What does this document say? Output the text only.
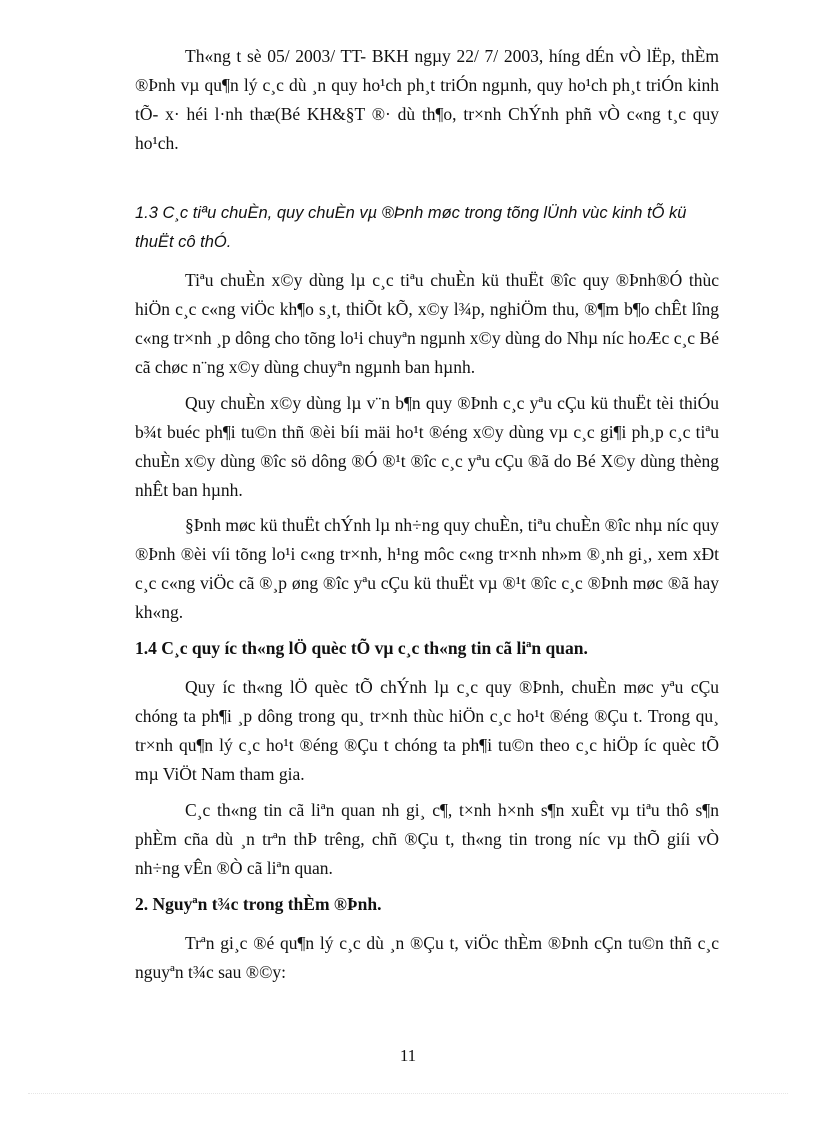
Th«ng t sè 05/ 2003/ TT- BKH ngµy 22/ 7/ 2003, híng dÉn vÒ lËp, thÈm ®Þnh vµ qu¶n lý c¸c dù ¸n quy ho¹ch ph¸t triÓn ngµnh, quy ho¹ch ph¸t triÓn kinh tÕ- x· héi l·nh thæ(Bé KH&§T ®· dù th¶o, tr×nh ChÝnh phñ vÒ c«ng t¸c quy ho¹ch.

1.3 C¸c tiªu chuÈn, quy chuÈn vµ ®Þnh møc trong tõng lÜnh vùc kinh tÕ kü thuËt cô thÓ.

Tiªu chuÈn x©y dùng lµ c¸c tiªu chuÈn kü thuËt ®îc quy ®Þnh®Ó thùc hiÖn c¸c c«ng viÖc kh¶o s¸t, thiÕt kÕ, x©y l¾p, nghiÖm thu, ®¶m b¶o chÊt lîng c«ng tr×nh ¸p dông cho tõng lo¹i chuyªn ngµnh x©y dùng do Nhµ níc hoÆc c¸c Bé cã chøc n¨ng x©y dùng chuyªn ngµnh ban hµnh.

Quy chuÈn x©y dùng lµ v¨n b¶n quy ®Þnh c¸c yªu cÇu kü thuËt tèi thiÓu b¾t buéc ph¶i tu©n thñ ®èi bíi mäi ho¹t ®éng x©y dùng vµ c¸c gi¶i ph¸p c¸c tiªu chuÈn x©y dùng ®îc sö dông ®Ó ®¹t ®îc c¸c yªu cÇu ®ã do Bé X©y dùng thèng nhÊt ban hµnh.

§Þnh møc kü thuËt chÝnh lµ nh÷ng quy chuÈn, tiªu chuÈn ®îc nhµ níc quy ®Þnh ®èi víi tõng lo¹i c«ng tr×nh, h¹ng môc c«ng tr×nh nh»m ®¸nh gi¸, xem xÐt c¸c c«ng viÖc cã ®¸p øng ®îc yªu cÇu kü thuËt vµ ®¹t ®îc c¸c ®Þnh møc ®ã hay kh«ng.

1.4 C¸c quy íc th«ng lÖ quèc tÕ vµ c¸c th«ng tin cã liªn quan.

Quy íc th«ng lÖ quèc tÕ chÝnh lµ c¸c quy ®Þnh, chuÈn møc yªu cÇu chóng ta ph¶i ¸p dông trong qu¸ tr×nh thùc hiÖn c¸c ho¹t ®éng ®Çu t. Trong qu¸ tr×nh qu¶n lý c¸c ho¹t ®éng ®Çu t chóng ta ph¶i tu©n theo c¸c hiÖp íc quèc tÕ mµ ViÖt Nam tham gia.

C¸c th«ng tin cã liªn quan nh gi¸ c¶, t×nh h×nh s¶n xuÊt vµ tiªu thô s¶n phÈm cña dù ¸n trªn thÞ trêng, chñ ®Çu t, th«ng tin trong níc vµ thÕ giíi vÒ nh÷ng vÊn ®Ò cã liªn quan.

2. Nguyªn t¾c trong thÈm ®Þnh.

Trªn gi¸c ®é qu¶n lý c¸c dù ¸n ®Çu t, viÖc thÈm ®Þnh cÇn tu©n thñ c¸c nguyªn t¾c sau ®©y:

11
